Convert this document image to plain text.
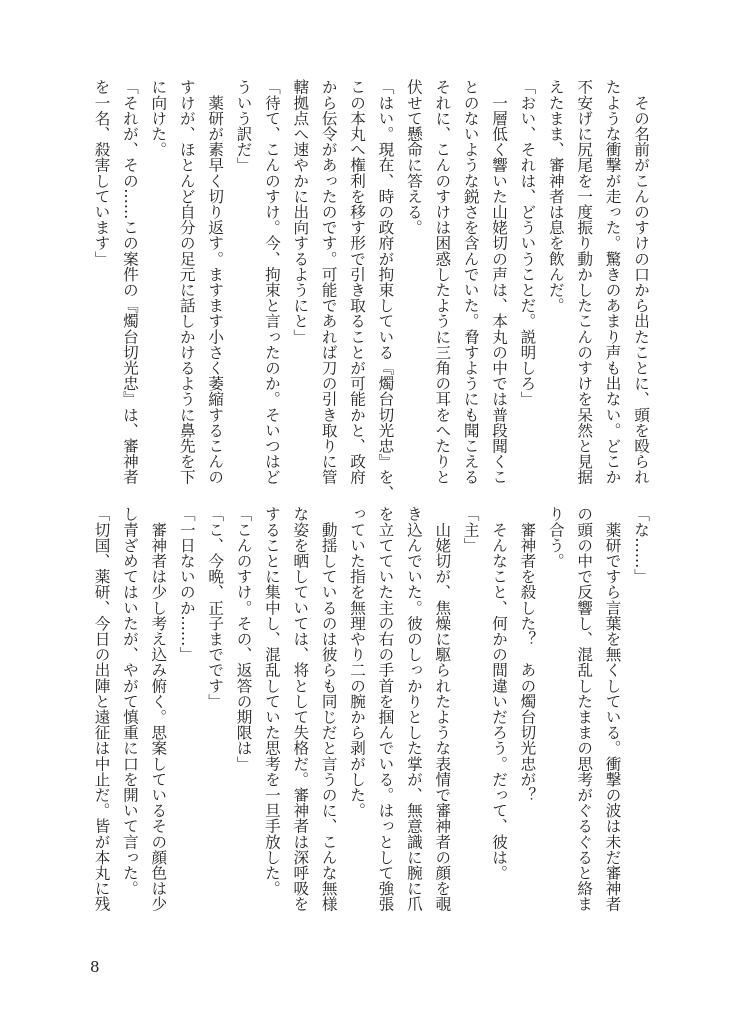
　その名前がこんのすけの口から出たことに、頭を殴られ
たような衝撃が走った。驚きのあまり声も出ない。どこか
不安げに尻尾を一度振り動かしたこんのすけを呆然と見据
えたまま、審神者は息を飲んだ。
「おい、それは、どういうことだ。説明しろ」
　一層低く響いた山姥切の声は、本丸の中では普段聞くこ
とのないような鋭さを含んでいた。脅すようにも聞こえる
それに、こんのすけは困惑したように三角の耳をへたりと
伏せて懸命に答える。
「はい。現在、時の政府が拘束している『燭台切光忠』を、
この本丸へ権利を移す形で引き取ることが可能かと、政府
から伝令があったのです。可能であれば刀の引き取りに管
轄拠点へ速やかに出向するようにと」
「待て、こんのすけ。今、拘束と言ったのか。そいつはど
ういう訳だ」
　薬研が素早く切り返す。ますます小さく萎縮するこんの
すけが、ほとんど自分の足元に話しかけるように鼻先を下
に向けた。
「それが、その……この案件の『燭台切光忠』は、審神者
を一名、殺害しています」
「な……」
　薬研ですら言葉を無くしている。衝撃の波は未だ審神者
の頭の中で反響し、混乱したままの思考がぐるぐると絡ま
り合う。
　審神者を殺した？　あの燭台切光忠が？
　そんなこと、何かの間違いだろう。だって、彼は。
「主」
　山姥切が、焦燥に駆られたような表情で審神者の顔を覗
き込んでいた。彼のしっかりとした掌が、無意識に腕に爪
を立てていた主の右の手首を掴んでいる。はっとして強張
っていた指を無理やり二の腕から剥がした。
　動揺しているのは彼らも同じだと言うのに、こんな無様
な姿を晒していては、将として失格だ。審神者は深呼吸を
することに集中し、混乱していた思考を一旦手放した。
「こんのすけ。その、返答の期限は」
「こ、今晩、正子までです」
「一日ないのか……」
　審神者は少し考え込み俯く。思案しているその顔色は少
し青ざめてはいたが、やがて慎重に口を開いて言った。
「切国、薬研、今日の出陣と遠征は中止だ。皆が本丸に残
8
